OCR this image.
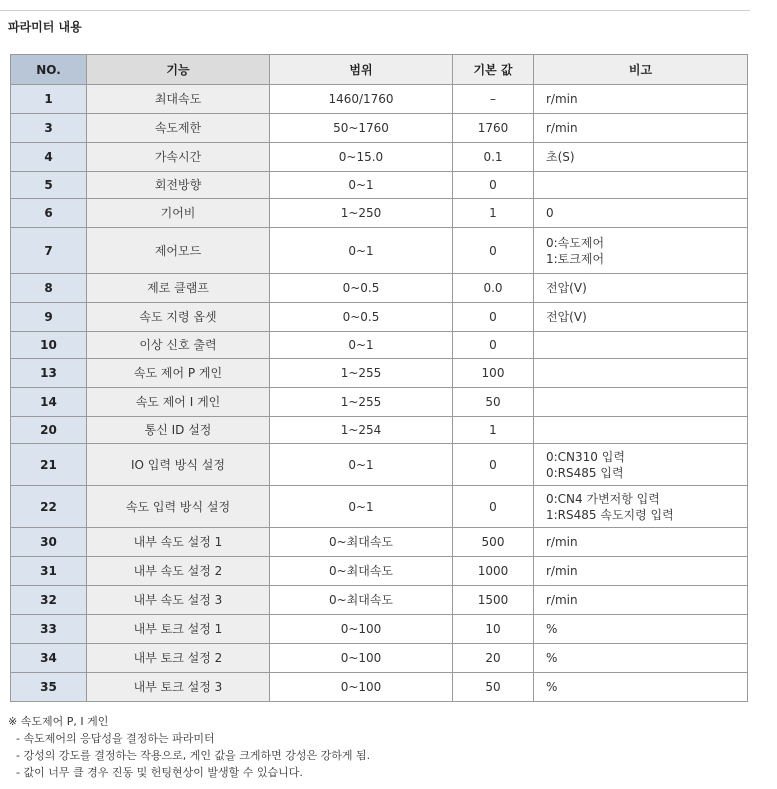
파라미터 내용
NO.	기능	범위	기본 값	비고
1	최대속도	1460/1760	–	r/min

3	속도제한	50~1760	1760	r/min

4	가속시간	0~15.0	0.1	초(S)

5	회전방향	0~1	0	
6	기어비	1~250	1	0

7	제어모드	0~1	0	0:속도제어
1:토크제어

8	제로 클램프	0~0.5	0.0	전압(V)

9	속도 지령 옵셋	0~0.5	0	전압(V)

10	이상 신호 출력	0~1	0	
13	속도 제어 P 게인	1~255	100	
14	속도 제어 I 게인	1~255	50	
20	통신 ID 설정	1~254	1	
21	IO 입력 방식 설정	0~1	0	0:CN310 입력
0:RS485 입력

22	속도 입력 방식 설정	0~1	0	0:CN4 가변저항 입력
1:RS485 속도지령 입력

30	내부 속도 설정 1	0~최대속도	500	r/min

31	내부 속도 설정 2	0~최대속도	1000	r/min

32	내부 속도 설정 3	0~최대속도	1500	r/min

33	내부 토크 설정 1	0~100	10	%

34	내부 토크 설정 2	0~100	20	%

35	내부 토크 설정 3	0~100	50	%
※ 속도제어 P, I 게인
- 속도제어의 응답성을 결정하는 파라미터
- 강성의 강도를 결정하는 작용으로, 게인 값을 크게하면 강성은 강하게 됨.
- 값이 너무 클 경우 진동 및 헌팅현상이 발생할 수 있습니다.
